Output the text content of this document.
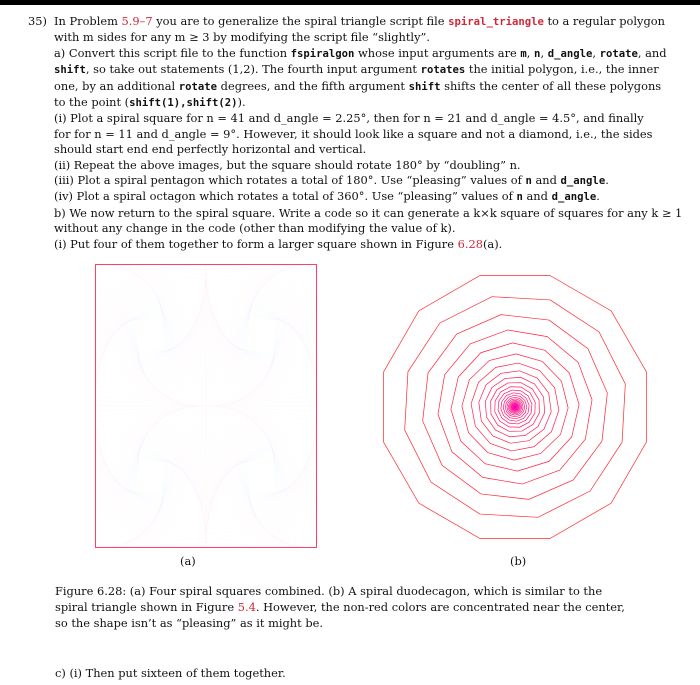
35) In Problem 5.9–7 you are to generalize the spiral triangle script file spiral_triangle to a regular polygon
with m sides for any m ≥ 3 by modifying the script file “slightly”.
a) Convert this script file to the function fspiralgon whose input arguments are m, n, d_angle, rotate, and
shift, so take out statements (1,2). The fourth input argument rotates the initial polygon, i.e., the inner
one, by an additional rotate degrees, and the fifth argument shift shifts the center of all these polygons
to the point (shift(1),shift(2)).
(i) Plot a spiral square for n = 41 and d_angle = 2.25°, then for n = 21 and d_angle = 4.5°, and finally
for for n = 11 and d_angle = 9°. However, it should look like a square and not a diamond, i.e., the sides
should start end end perfectly horizontal and vertical.
(ii) Repeat the above images, but the square should rotate 180° by “doubling” n.
(iii) Plot a spiral pentagon which rotates a total of 180°. Use “pleasing” values of n and d_angle.
(iv) Plot a spiral octagon which rotates a total of 360°. Use “pleasing” values of n and d_angle.
b) We now return to the spiral square. Write a code so it can generate a k×k square of squares for any k ≥ 1
without any change in the code (other than modifying the value of k).
(i) Put four of them together to form a larger square shown in Figure 6.28(a).
(a)	(b)
Figure 6.28: (a) Four spiral squares combined. (b) A spiral duodecagon, which is similar to the
spiral triangle shown in Figure 5.4. However, the non-red colors are concentrated near the center,
so the shape isn’t as “pleasing” as it might be.
c) (i) Then put sixteen of them together.
